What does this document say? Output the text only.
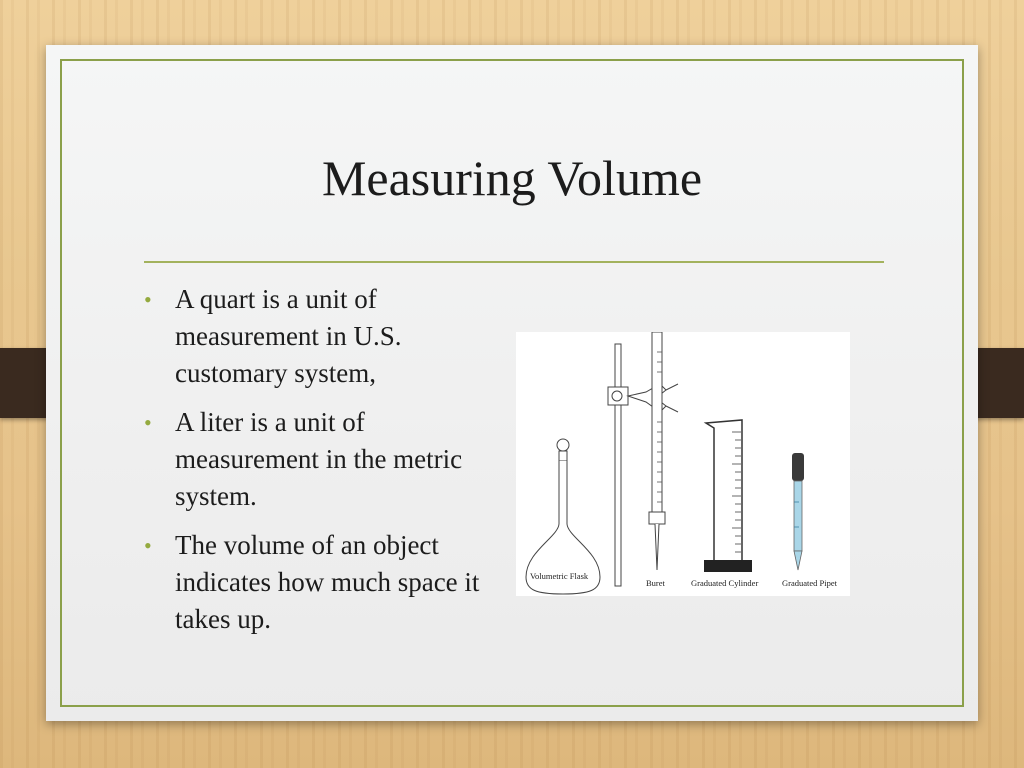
Measuring Volume
• A quart is a unit of measurement in U.S. customary system,
• A liter is a unit of measurement in the metric system.
• The volume of an object indicates how much space it takes up.
Volumetric Flask
Buret	Graduated Cylinder	Graduated Pipet
